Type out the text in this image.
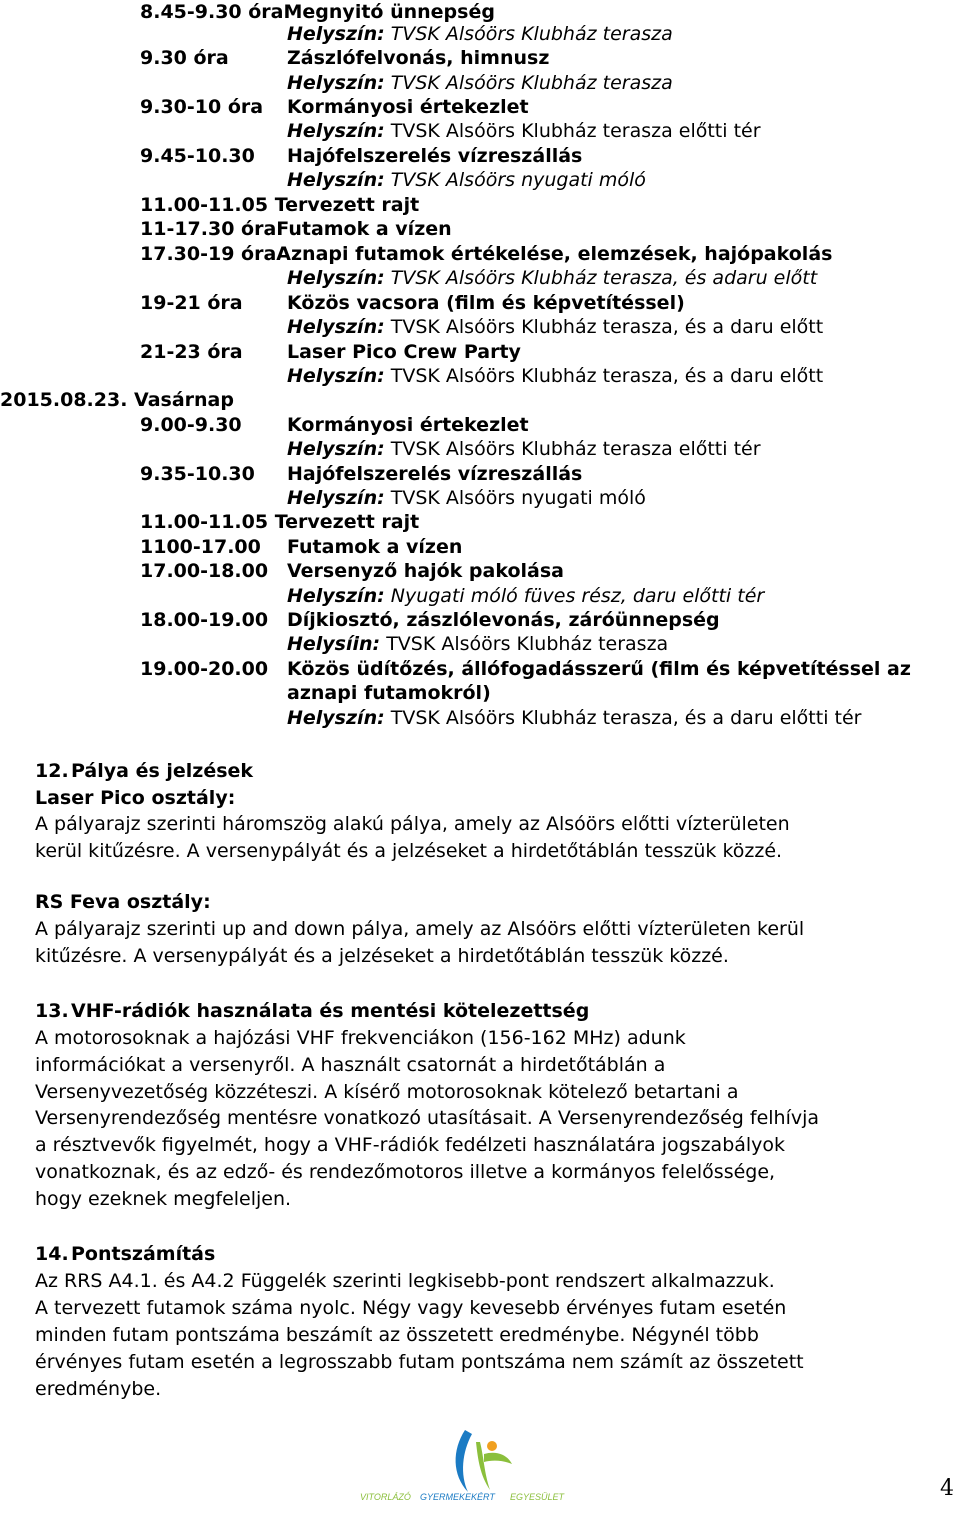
8.45-9.30 óraMegnyitó ünnepség
Helyszín: TVSK Alsóörs Klubház terasza
9.30 óra	Zászlófelvonás, himnusz
Helyszín: TVSK Alsóörs Klubház terasza
9.30-10 óra Kormányosi értekezlet
Helyszín: TVSK Alsóörs Klubház terasza előtti tér
9.45-10.30 Hajófelszerelés vízreszállás
Helyszín: TVSK Alsóörs nyugati móló
11.00-11.05 Tervezett rajt
11-17.30 óraFutamok a vízen
17.30-19 óraAznapi futamok értékelése, elemzések, hajópakolás
Helyszín: TVSK Alsóörs Klubház terasza, és adaru előtt
19-21 óra Közös vacsora (film és képvetítéssel)
Helyszín: TVSK Alsóörs Klubház terasza, és a daru előtt
21-23 óra Laser Pico Crew Party
Helyszín: TVSK Alsóörs Klubház terasza, és a daru előtt
2015.08.23. Vasárnap
9.00-9.30 Kormányosi értekezlet
Helyszín: TVSK Alsóörs Klubház terasza előtti tér
9.35-10.30 Hajófelszerelés vízreszállás
Helyszín: TVSK Alsóörs nyugati móló
11.00-11.05 Tervezett rajt
1100-17.00 Futamok a vízen
17.00-18.00 Versenyző hajók pakolása
Helyszín: Nyugati móló füves rész, daru előtti tér
18.00-19.00 Díjkiosztó, zászlólevonás, záróünnepség
Helysíin: TVSK Alsóörs Klubház terasza
19.00-20.00 Közös üdítőzés, állófogadásszerű (film és képvetítéssel az
aznapi futamokról)
Helyszín: TVSK Alsóörs Klubház terasza, és a daru előtti tér
12. Pálya és jelzések
Laser Pico osztály:
A pályarajz szerinti háromszög alakú pálya, amely az Alsóörs előtti vízterületen
kerül kitűzésre. A versenypályát és a jelzéseket a hirdetőtáblán tesszük közzé.
RS Feva osztály:
A pályarajz szerinti up and down pálya, amely az Alsóörs előtti vízterületen kerül
kitűzésre. A versenypályát és a jelzéseket a hirdetőtáblán tesszük közzé.
13. VHF-rádiók használata és mentési kötelezettség
A motorosoknak a hajózási VHF frekvenciákon (156-162 MHz) adunk
információkat a versenyről. A használt csatornát a hirdetőtáblán a
Versenyvezetőség közzéteszi. A kísérő motorosoknak kötelező betartani a
Versenyrendezőség mentésre vonatkozó utasításait. A Versenyrendezőség felhívja
a résztvevők figyelmét, hogy a VHF-rádiók fedélzeti használatára jogszabályok
vonatkoznak, és az edző- és rendezőmotoros illetve a kormányos felelőssége,
hogy ezeknek megfeleljen.
14. Pontszámítás
Az RRS A4.1. és A4.2 Függelék szerinti legkisebb-pont rendszert alkalmazzuk.
A tervezett futamok száma nyolc. Négy vagy kevesebb érvényes futam esetén
minden futam pontszáma beszámít az összetett eredménybe. Négynél több
érvényes futam esetén a legrosszabb futam pontszáma nem számít az összetett
eredménybe.
VITORLÁZÓ GYERMEKEKÉRT EGYESÜLET	4
